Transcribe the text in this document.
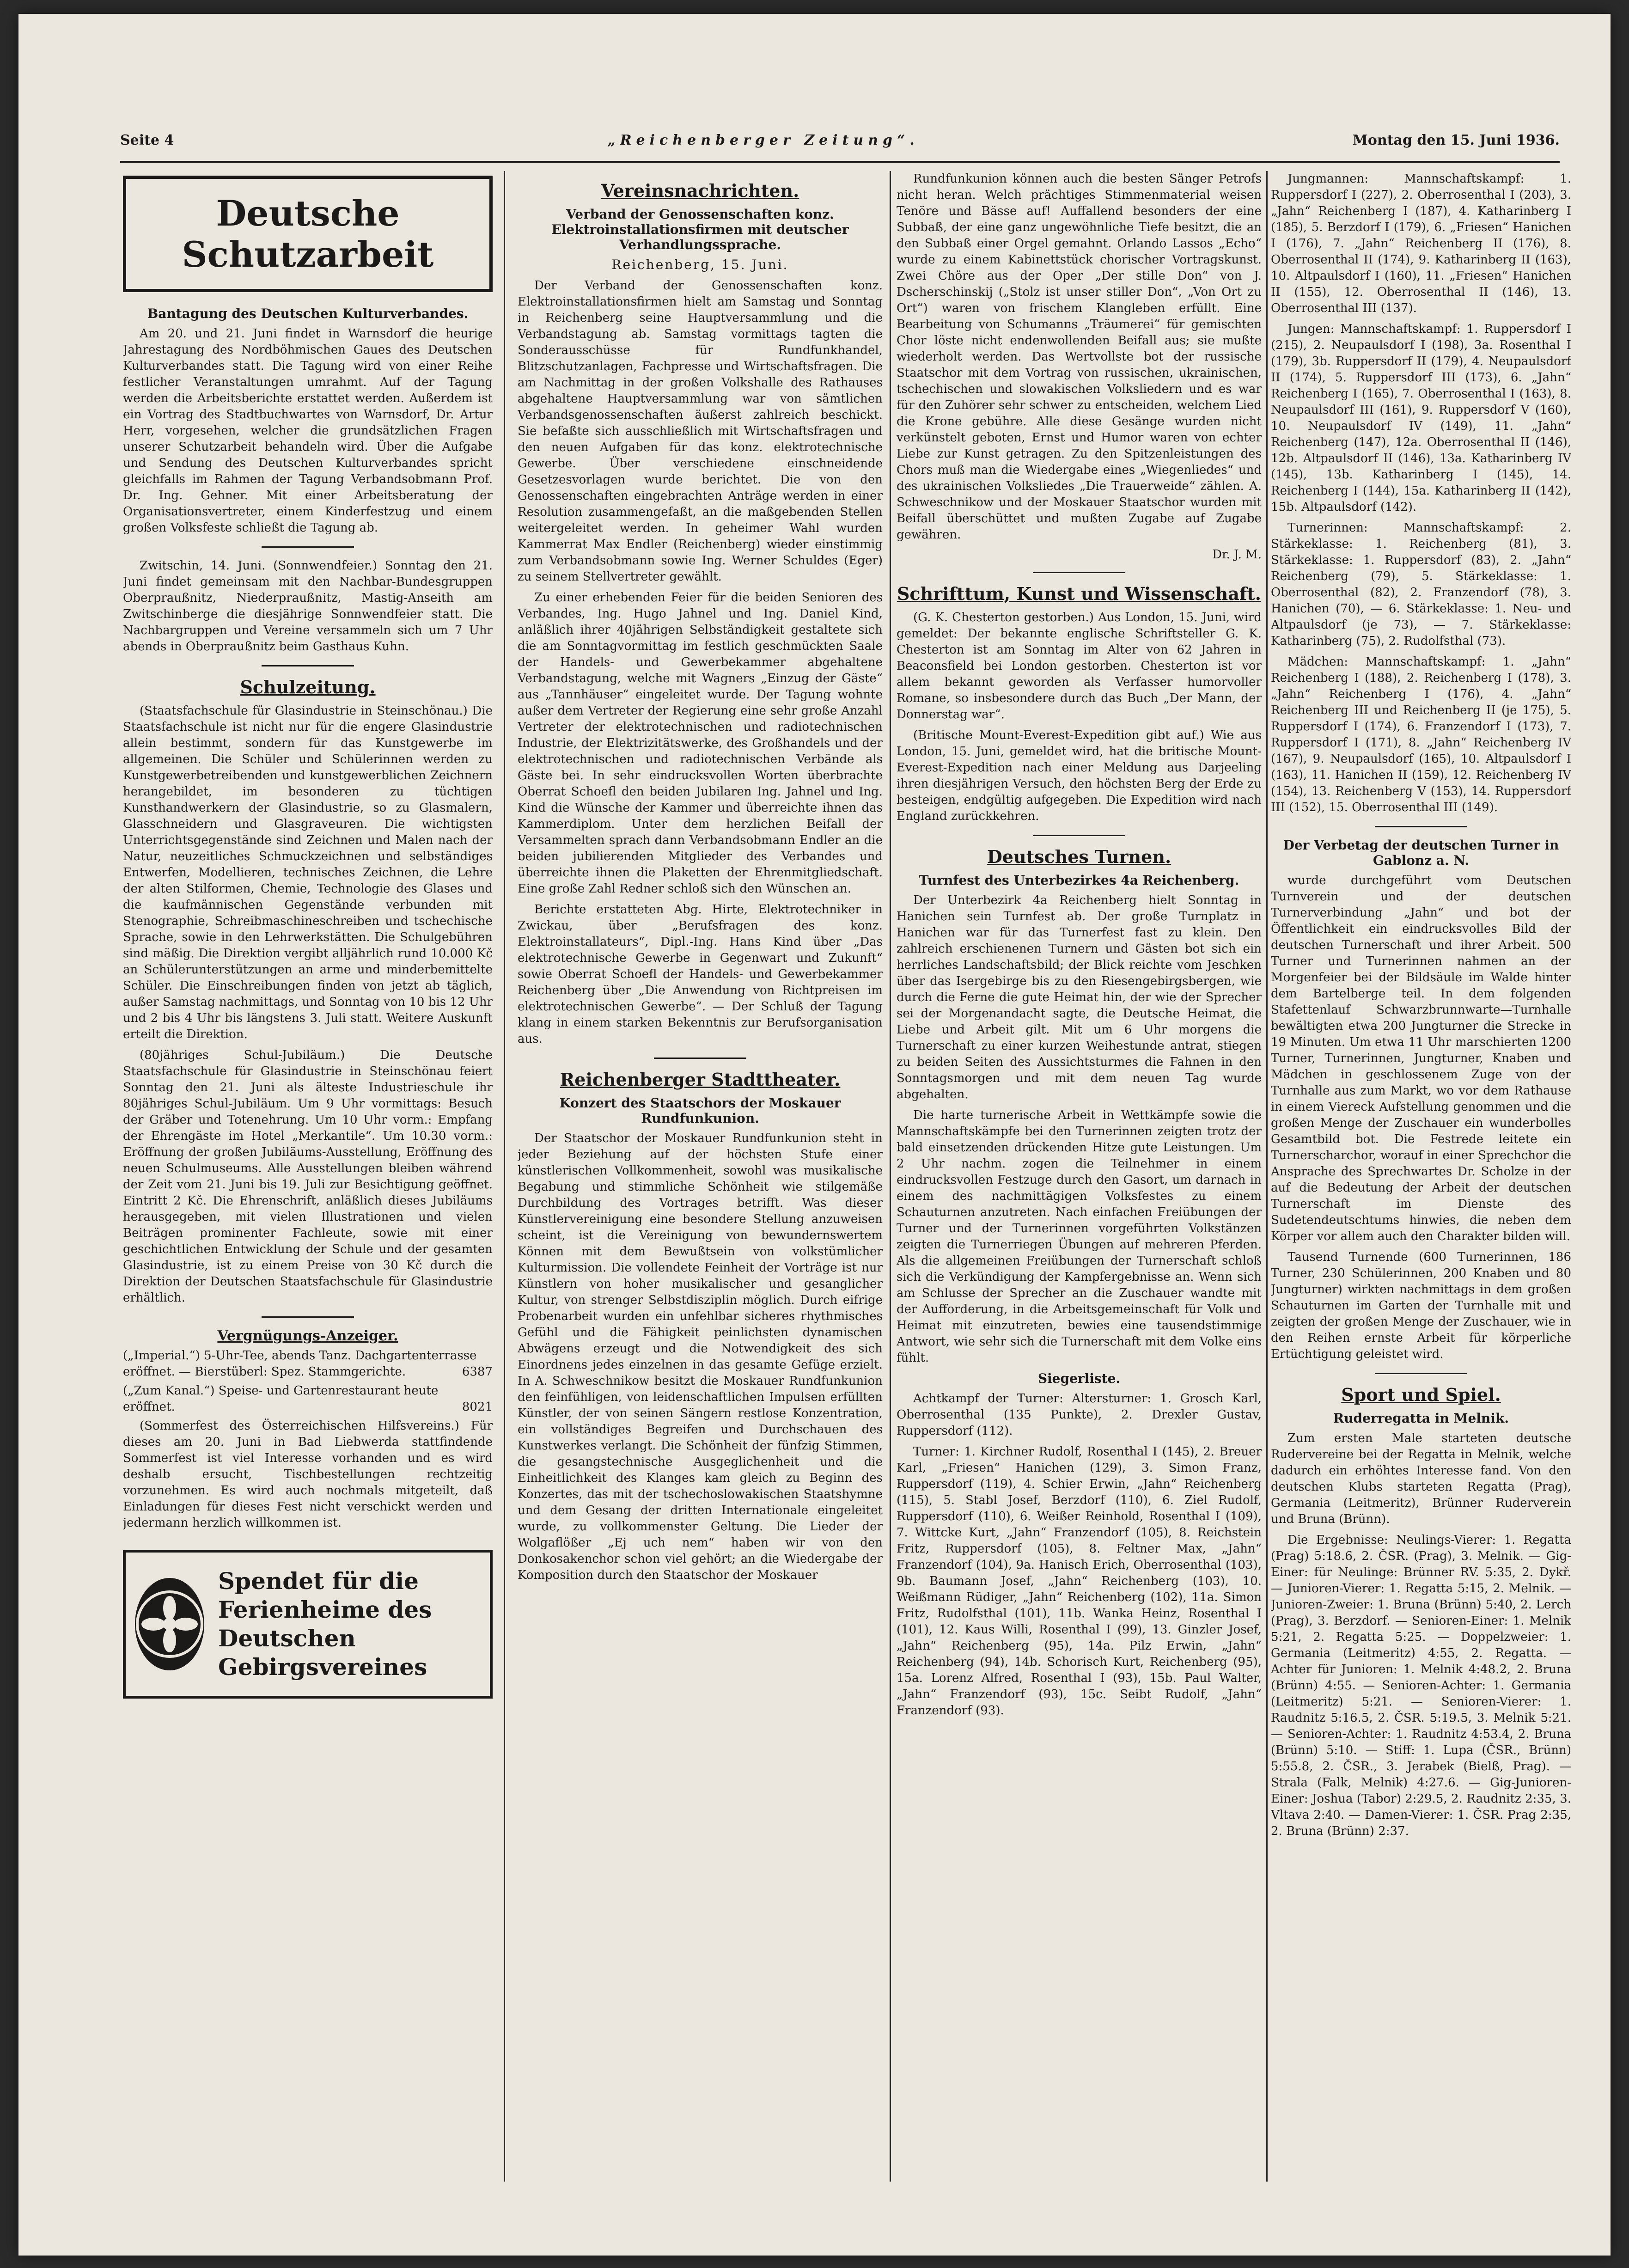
Seite 4	„Reichenberger Zeitung“.	Montag den 15. Juni 1936.
Deutsche Schutzarbeit
Bantagung des Deutschen Kulturverbandes.

Am 20. und 21. Juni findet in Warnsdorf die heurige Jahrestagung des Nordböhmischen Gaues des Deutschen Kulturverbandes statt. Die Tagung wird von einer Reihe festlicher Veranstaltungen umrahmt. Auf der Tagung werden die Arbeitsberichte erstattet werden. Außerdem ist ein Vortrag des Stadtbuchwartes von Warnsdorf, Dr. Artur Herr, vorgesehen, welcher die grundsätzlichen Fragen unserer Schutzarbeit behandeln wird. Über die Aufgabe und Sendung des Deutschen Kulturverbandes spricht gleichfalls im Rahmen der Tagung Verbandsobmann Prof. Dr. Ing. Gehner. Mit einer Arbeitsberatung der Organisationsvertreter, einem Kinderfestzug und einem großen Volksfeste schließt die Tagung ab.

Zwitschin, 14. Juni. (Sonnwendfeier.) Sonntag den 21. Juni findet gemeinsam mit den Nachbar-Bundesgruppen Oberpraußnitz, Niederpraußnitz, Mastig-Anseith am Zwitschinberge die diesjährige Sonnwendfeier statt. Die Nachbargruppen und Vereine versammeln sich um 7 Uhr abends in Oberpraußnitz beim Gasthaus Kuhn.

Schulzeitung.

(Staatsfachschule für Glasindustrie in Steinschönau.) Die Staatsfachschule ist nicht nur für die engere Glasindustrie allein bestimmt, sondern für das Kunstgewerbe im allgemeinen. Die Schüler und Schülerinnen werden zu Kunstgewerbetreibenden und kunstgewerblichen Zeichnern herangebildet, im besonderen zu tüchtigen Kunsthandwerkern der Glasindustrie, so zu Glasmalern, Glasschneidern und Glasgraveuren. Die wichtigsten Unterrichtsgegenstände sind Zeichnen und Malen nach der Natur, neuzeitliches Schmuckzeichnen und selbständiges Entwerfen, Modellieren, technisches Zeichnen, die Lehre der alten Stilformen, Chemie, Technologie des Glases und die kaufmännischen Gegenstände verbunden mit Stenographie, Schreibmaschineschreiben und tschechische Sprache, sowie in den Lehrwerkstätten. Die Schulgebühren sind mäßig. Die Direktion vergibt alljährlich rund 10.000 Kč an Schülerunterstützungen an arme und minderbemittelte Schüler. Die Einschreibungen finden von jetzt ab täglich, außer Samstag nachmittags, und Sonntag von 10 bis 12 Uhr und 2 bis 4 Uhr bis längstens 3. Juli statt. Weitere Auskunft erteilt die Direktion.

(80jähriges Schul-Jubiläum.) Die Deutsche Staatsfachschule für Glasindustrie in Steinschönau feiert Sonntag den 21. Juni als älteste Industrieschule ihr 80jähriges Schul-Jubiläum. Um 9 Uhr vormittags: Besuch der Gräber und Totenehrung. Um 10 Uhr vorm.: Empfang der Ehrengäste im Hotel „Merkantile“. Um 10.30 vorm.: Eröffnung der großen Jubiläums-Ausstellung, Eröffnung des neuen Schulmuseums. Alle Ausstellungen bleiben während der Zeit vom 21. Juni bis 19. Juli zur Besichtigung geöffnet. Eintritt 2 Kč. Die Ehrenschrift, anläßlich dieses Jubiläums herausgegeben, mit vielen Illustrationen und vielen Beiträgen prominenter Fachleute, sowie mit einer geschichtlichen Entwicklung der Schule und der gesamten Glasindustrie, ist zu einem Preise von 30 Kč durch die Direktion der Deutschen Staatsfachschule für Glasindustrie erhältlich.

Vergnügungs-Anzeiger.
(„Imperial.“) 5-Uhr-Tee, abends Tanz. Dachgartenterrasse eröffnet. — Bierstüberl: Spez. Stammgerichte.	6387
(„Zum Kanal.“) Speise- und Gartenrestaurant heute eröffnet.	8021

(Sommerfest des Österreichischen Hilfsvereins.) Für dieses am 20. Juni in Bad Liebwerda stattfindende Sommerfest ist viel Interesse vorhanden und es wird deshalb ersucht, Tischbestellungen rechtzeitig vorzunehmen. Es wird auch nochmals mitgeteilt, daß Einladungen für dieses Fest nicht verschickt werden und jedermann herzlich willkommen ist.

Spendet für die Ferienheime des Deutschen Gebirgsvereines
Vereinsnachrichten.
Verband der Genossenschaften konz. Elektroinstallationsfirmen mit deutscher Verhandlungssprache.
Reichenberg, 15. Juni.

Der Verband der Genossenschaften konz. Elektroinstallationsfirmen hielt am Samstag und Sonntag in Reichenberg seine Hauptversammlung und die Verbandstagung ab. Samstag vormittags tagten die Sonderausschüsse für Rundfunkhandel, Blitzschutzanlagen, Fachpresse und Wirtschaftsfragen. Die am Nachmittag in der großen Volkshalle des Rathauses abgehaltene Hauptversammlung war von sämtlichen Verbandsgenossenschaften äußerst zahlreich beschickt. Sie befaßte sich ausschließlich mit Wirtschaftsfragen und den neuen Aufgaben für das konz. elektrotechnische Gewerbe. Über verschiedene einschneidende Gesetzesvorlagen wurde berichtet. Die von den Genossenschaften eingebrachten Anträge werden in einer Resolution zusammengefaßt, an die maßgebenden Stellen weitergeleitet werden. In geheimer Wahl wurden Kammerrat Max Endler (Reichenberg) wieder einstimmig zum Verbandsobmann sowie Ing. Werner Schuldes (Eger) zu seinem Stellvertreter gewählt.

Zu einer erhebenden Feier für die beiden Senioren des Verbandes, Ing. Hugo Jahnel und Ing. Daniel Kind, anläßlich ihrer 40jährigen Selbständigkeit gestaltete sich die am Sonntagvormittag im festlich geschmückten Saale der Handels- und Gewerbekammer abgehaltene Verbandstagung, welche mit Wagners „Einzug der Gäste“ aus „Tannhäuser“ eingeleitet wurde. Der Tagung wohnte außer dem Vertreter der Regierung eine sehr große Anzahl Vertreter der elektrotechnischen und radiotechnischen Industrie, der Elektrizitätswerke, des Großhandels und der elektrotechnischen und radiotechnischen Verbände als Gäste bei. In sehr eindrucksvollen Worten überbrachte Oberrat Schoefl den beiden Jubilaren Ing. Jahnel und Ing. Kind die Wünsche der Kammer und überreichte ihnen das Kammerdiplom. Unter dem herzlichen Beifall der Versammelten sprach dann Verbandsobmann Endler an die beiden jubilierenden Mitglieder des Verbandes und überreichte ihnen die Plaketten der Ehrenmitgliedschaft. Eine große Zahl Redner schloß sich den Wünschen an.

Berichte erstatteten Abg. Hirte, Elektrotechniker in Zwickau, über „Berufsfragen des konz. Elektroinstallateurs“, Dipl.-Ing. Hans Kind über „Das elektrotechnische Gewerbe in Gegenwart und Zukunft“ sowie Oberrat Schoefl der Handels- und Gewerbekammer Reichenberg über „Die Anwendung von Richtpreisen im elektrotechnischen Gewerbe“. — Der Schluß der Tagung klang in einem starken Bekenntnis zur Berufsorganisation aus.

Reichenberger Stadttheater.
Konzert des Staatschors der Moskauer Rundfunkunion.

Der Staatschor der Moskauer Rundfunkunion steht in jeder Beziehung auf der höchsten Stufe einer künstlerischen Vollkommenheit, sowohl was musikalische Begabung und stimmliche Schönheit wie stilgemäße Durchbildung des Vortrages betrifft. Was dieser Künstlervereinigung eine besondere Stellung anzuweisen scheint, ist die Vereinigung von bewundernswertem Können mit dem Bewußtsein von volkstümlicher Kulturmission. Die vollendete Feinheit der Vorträge ist nur Künstlern von hoher musikalischer und gesanglicher Kultur, von strenger Selbstdisziplin möglich. Durch eifrige Probenarbeit wurden ein unfehlbar sicheres rhythmisches Gefühl und die Fähigkeit peinlichsten dynamischen Abwägens erzeugt und die Notwendigkeit des sich Einordnens jedes einzelnen in das gesamte Gefüge erzielt. In A. Schweschnikow besitzt die Moskauer Rundfunkunion den feinfühligen, von leidenschaftlichen Impulsen erfüllten Künstler, der von seinen Sängern restlose Konzentration, ein vollständiges Begreifen und Durchschauen des Kunstwerkes verlangt. Die Schönheit der fünfzig Stimmen, die gesangstechnische Ausgeglichenheit und die Einheitlichkeit des Klanges kam gleich zu Beginn des Konzertes, das mit der tschechoslowakischen Staatshymne und dem Gesang der dritten Internationale eingeleitet wurde, zu vollkommenster Geltung. Die Lieder der Wolgaflößer „Ej uch nem“ haben wir von den Donkosakenchor schon viel gehört; an die Wiedergabe der Komposition durch den Staatschor der Moskauer

Rundfunkunion können auch die besten Sänger Petrofs nicht heran. Welch prächtiges Stimmenmaterial weisen Tenöre und Bässe auf! Auffallend besonders der eine Subbaß, der eine ganz ungewöhnliche Tiefe besitzt, die an den Subbaß einer Orgel gemahnt. Orlando Lassos „Echo“ wurde zu einem Kabinettstück chorischer Vortragskunst. Zwei Chöre aus der Oper „Der stille Don“ von J. Dscherschinskij („Stolz ist unser stiller Don“, „Von Ort zu Ort“) waren von frischem Klangleben erfüllt. Eine Bearbeitung von Schumanns „Träumerei“ für gemischten Chor löste nicht endenwollenden Beifall aus; sie mußte wiederholt werden. Das Wertvollste bot der russische Staatschor mit dem Vortrag von russischen, ukrainischen, tschechischen und slowakischen Volksliedern und es war für den Zuhörer sehr schwer zu entscheiden, welchem Lied die Krone gebühre. Alle diese Gesänge wurden nicht verkünstelt geboten, Ernst und Humor waren von echter Liebe zur Kunst getragen. Zu den Spitzenleistungen des Chors muß man die Wiedergabe eines „Wiegenliedes“ und des ukrainischen Volksliedes „Die Trauerweide“ zählen. A. Schweschnikow und der Moskauer Staatschor wurden mit Beifall überschüttet und mußten Zugabe auf Zugabe gewähren.

Dr. J. M.
Schrifttum, Kunst und Wissenschaft.

(G. K. Chesterton gestorben.) Aus London, 15. Juni, wird gemeldet: Der bekannte englische Schriftsteller G. K. Chesterton ist am Sonntag im Alter von 62 Jahren in Beaconsfield bei London gestorben. Chesterton ist vor allem bekannt geworden als Verfasser humorvoller Romane, so insbesondere durch das Buch „Der Mann, der Donnerstag war“.

(Britische Mount-Everest-Expedition gibt auf.) Wie aus London, 15. Juni, gemeldet wird, hat die britische Mount-Everest-Expedition nach einer Meldung aus Darjeeling ihren diesjährigen Versuch, den höchsten Berg der Erde zu besteigen, endgültig aufgegeben. Die Expedition wird nach England zurückkehren.

Deutsches Turnen.
Turnfest des Unterbezirkes 4a Reichenberg.

Der Unterbezirk 4a Reichenberg hielt Sonntag in Hanichen sein Turnfest ab. Der große Turnplatz in Hanichen war für das Turnerfest fast zu klein. Den zahlreich erschienenen Turnern und Gästen bot sich ein herrliches Landschaftsbild; der Blick reichte vom Jeschken über das Isergebirge bis zu den Riesengebirgsbergen, wie durch die Ferne die gute Heimat hin, der wie der Sprecher sei der Morgenandacht sagte, die Deutsche Heimat, die Liebe und Arbeit gilt. Mit um 6 Uhr morgens die Turnerschaft zu einer kurzen Weihestunde antrat, stiegen zu beiden Seiten des Aussichtsturmes die Fahnen in den Sonntagsmorgen und mit dem neuen Tag wurde abgehalten.

Die harte turnerische Arbeit in Wettkämpfe sowie die Mannschaftskämpfe bei den Turnerinnen zeigten trotz der bald einsetzenden drückenden Hitze gute Leistungen. Um 2 Uhr nachm. zogen die Teilnehmer in einem eindrucksvollen Festzuge durch den Gasort, um darnach in einem des nachmittägigen Volksfestes zu einem Schauturnen anzutreten. Nach einfachen Freiübungen der Turner und der Turnerinnen vorgeführten Volkstänzen zeigten die Turnerriegen Übungen auf mehreren Pferden. Als die allgemeinen Freiübungen der Turnerschaft schloß sich die Verkündigung der Kampfergebnisse an. Wenn sich am Schlusse der Sprecher an die Zuschauer wandte mit der Aufforderung, in die Arbeitsgemeinschaft für Volk und Heimat mit einzutreten, bewies eine tausendstimmige Antwort, wie sehr sich die Turnerschaft mit dem Volke eins fühlt.

Siegerliste.

Achtkampf der Turner: Altersturner: 1. Grosch Karl, Oberrosenthal (135 Punkte), 2. Drexler Gustav, Ruppersdorf (112).

Turner: 1. Kirchner Rudolf, Rosenthal I (145), 2. Breuer Karl, „Friesen“ Hanichen (129), 3. Simon Franz, Ruppersdorf (119), 4. Schier Erwin, „Jahn“ Reichenberg (115), 5. Stabl Josef, Berzdorf (110), 6. Ziel Rudolf, Ruppersdorf (110), 6. Weißer Reinhold, Rosenthal I (109), 7. Wittcke Kurt, „Jahn“ Franzendorf (105), 8. Reichstein Fritz, Ruppersdorf (105), 8. Feltner Max, „Jahn“ Franzendorf (104), 9a. Hanisch Erich, Oberrosenthal (103), 9b. Baumann Josef, „Jahn“ Reichenberg (103), 10. Weißmann Rüdiger, „Jahn“ Reichenberg (102), 11a. Simon Fritz, Rudolfsthal (101), 11b. Wanka Heinz, Rosenthal I (101), 12. Kaus Willi, Rosenthal I (99), 13. Ginzler Josef, „Jahn“ Reichenberg (95), 14a. Pilz Erwin, „Jahn“ Reichenberg (94), 14b. Schorisch Kurt, Reichenberg (95), 15a. Lorenz Alfred, Rosenthal I (93), 15b. Paul Walter, „Jahn“ Franzendorf (93), 15c. Seibt Rudolf, „Jahn“ Franzendorf (93).

Jungmannen: Mannschaftskampf: 1. Ruppersdorf I (227), 2. Oberrosenthal I (203), 3. „Jahn“ Reichenberg I (187), 4. Katharinberg I (185), 5. Berzdorf I (179), 6. „Friesen“ Hanichen I (176), 7. „Jahn“ Reichenberg II (176), 8. Oberrosenthal II (174), 9. Katharinberg II (163), 10. Altpaulsdorf I (160), 11. „Friesen“ Hanichen II (155), 12. Oberrosenthal II (146), 13. Oberrosenthal III (137).

Jungen: Mannschaftskampf: 1. Ruppersdorf I (215), 2. Neupaulsdorf I (198), 3a. Rosenthal I (179), 3b. Ruppersdorf II (179), 4. Neupaulsdorf II (174), 5. Ruppersdorf III (173), 6. „Jahn“ Reichenberg I (165), 7. Oberrosenthal I (163), 8. Neupaulsdorf III (161), 9. Ruppersdorf V (160), 10. Neupaulsdorf IV (149), 11. „Jahn“ Reichenberg (147), 12a. Oberrosenthal II (146), 12b. Altpaulsdorf II (146), 13a. Katharinberg IV (145), 13b. Katharinberg I (145), 14. Reichenberg I (144), 15a. Katharinberg II (142), 15b. Altpaulsdorf (142).

Turnerinnen: Mannschaftskampf: 2. Stärkeklasse: 1. Reichenberg (81), 3. Stärkeklasse: 1. Ruppersdorf (83), 2. „Jahn“ Reichenberg (79), 5. Stärkeklasse: 1. Oberrosenthal (82), 2. Franzendorf (78), 3. Hanichen (70), — 6. Stärkeklasse: 1. Neu- und Altpaulsdorf (je 73), — 7. Stärkeklasse: Katharinberg (75), 2. Rudolfsthal (73).

Mädchen: Mannschaftskampf: 1. „Jahn“ Reichenberg I (188), 2. Reichenberg I (178), 3. „Jahn“ Reichenberg I (176), 4. „Jahn“ Reichenberg III und Reichenberg II (je 175), 5. Ruppersdorf I (174), 6. Franzendorf I (173), 7. Ruppersdorf I (171), 8. „Jahn“ Reichenberg IV (167), 9. Neupaulsdorf (165), 10. Altpaulsdorf I (163), 11. Hanichen II (159), 12. Reichenberg IV (154), 13. Reichenberg V (153), 14. Ruppersdorf III (152), 15. Oberrosenthal III (149).

Der Verbetag der deutschen Turner in Gablonz a. N.

wurde durchgeführt vom Deutschen Turnverein und der deutschen Turnerverbindung „Jahn“ und bot der Öffentlichkeit ein eindrucksvolles Bild der deutschen Turnerschaft und ihrer Arbeit. 500 Turner und Turnerinnen nahmen an der Morgenfeier bei der Bildsäule im Walde hinter dem Bartelberge teil. In dem folgenden Stafettenlauf Schwarzbrunnwarte—Turnhalle bewältigten etwa 200 Jungturner die Strecke in 19 Minuten. Um etwa 11 Uhr marschierten 1200 Turner, Turnerinnen, Jungturner, Knaben und Mädchen in geschlossenem Zuge von der Turnhalle aus zum Markt, wo vor dem Rathause in einem Viereck Aufstellung genommen und die großen Menge der Zuschauer ein wunderbolles Gesamtbild bot. Die Festrede leitete ein Turnerscharchor, worauf in einer Sprechchor die Ansprache des Sprechwartes Dr. Scholze in der auf die Bedeutung der Arbeit der deutschen Turnerschaft im Dienste des Sudetendeutschtums hinwies, die neben dem Körper vor allem auch den Charakter bilden will.

Tausend Turnende (600 Turnerinnen, 186 Turner, 230 Schülerinnen, 200 Knaben und 80 Jungturner) wirkten nachmittags in dem großen Schauturnen im Garten der Turnhalle mit und zeigten der großen Menge der Zuschauer, wie in den Reihen ernste Arbeit für körperliche Ertüchtigung geleistet wird.

Sport und Spiel.
Ruderregatta in Melnik.

Zum ersten Male starteten deutsche Rudervereine bei der Regatta in Melnik, welche dadurch ein erhöhtes Interesse fand. Von den deutschen Klubs starteten Regatta (Prag), Germania (Leitmeritz), Brünner Ruderverein und Bruna (Brünn).

Die Ergebnisse: Neulings-Vierer: 1. Regatta (Prag) 5:18.6, 2. ČSR. (Prag), 3. Melnik. — Gig-Einer: für Neulinge: Brünner RV. 5:35, 2. Dykř. — Junioren-Vierer: 1. Regatta 5:15, 2. Melnik. — Junioren-Zweier: 1. Bruna (Brünn) 5:40, 2. Lerch (Prag), 3. Berzdorf. — Senioren-Einer: 1. Melnik 5:21, 2. Regatta 5:25. — Doppelzweier: 1. Germania (Leitmeritz) 4:55, 2. Regatta. — Achter für Junioren: 1. Melnik 4:48.2, 2. Bruna (Brünn) 4:55. — Senioren-Achter: 1. Germania (Leitmeritz) 5:21. — Senioren-Vierer: 1. Raudnitz 5:16.5, 2. ČSR. 5:19.5, 3. Melnik 5:21. — Senioren-Achter: 1. Raudnitz 4:53.4, 2. Bruna (Brünn) 5:10. — Stiff: 1. Lupa (ČSR., Brünn) 5:55.8, 2. ČSR., 3. Jerabek (Bielß, Prag). — Strala (Falk, Melnik) 4:27.6. — Gig-Junioren-Einer: Joshua (Tabor) 2:29.5, 2. Raudnitz 2:35, 3. Vltava 2:40. — Damen-Vierer: 1. ČSR. Prag 2:35, 2. Bruna (Brünn) 2:37.
